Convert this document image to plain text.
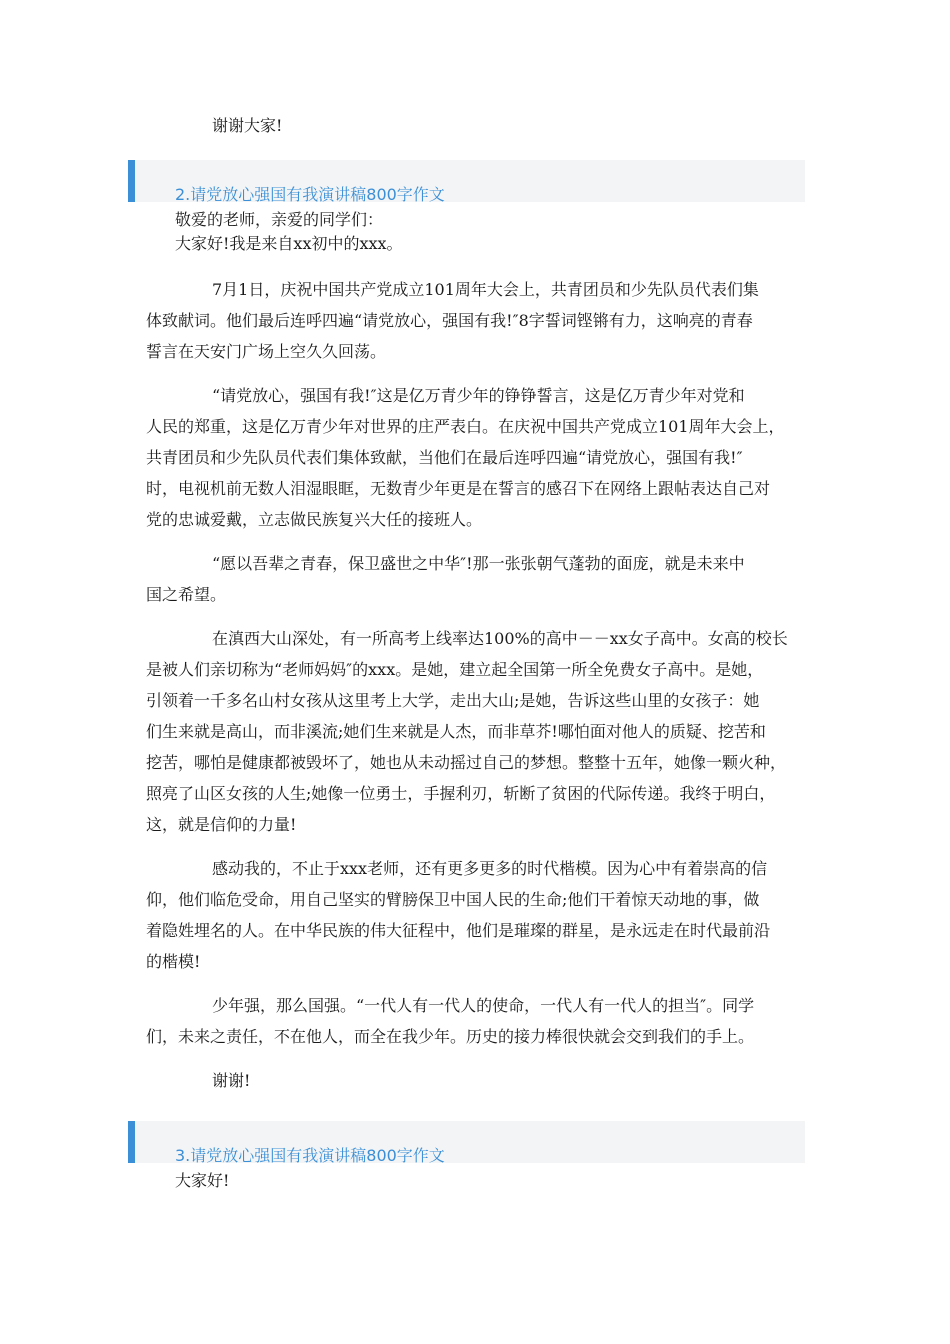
谢谢大家!
2.请党放心强国有我演讲稿800字作文
敬爱的老师，亲爱的同学们：
大家好!我是来自xx初中的xxx。
7月1日，庆祝中国共产党成立101周年大会上，共青团员和少先队员代表们集
体致献词。他们最后连呼四遍“请党放心，强国有我!″8字誓词铿锵有力，这响亮的青春
誓言在天安门广场上空久久回荡。
“请党放心，强国有我!″这是亿万青少年的铮铮誓言，这是亿万青少年对党和
人民的郑重，这是亿万青少年对世界的庄严表白。在庆祝中国共产党成立101周年大会上，
共青团员和少先队员代表们集体致献，当他们在最后连呼四遍“请党放心，强国有我!″
时，电视机前无数人泪湿眼眶，无数青少年更是在誓言的感召下在网络上跟帖表达自己对
党的忠诚爱戴，立志做民族复兴大任的接班人。
“愿以吾辈之青春，保卫盛世之中华″!那一张张朝气蓬勃的面庞，就是未来中
国之希望。
在滇西大山深处，有一所高考上线率达100%的高中－－xx女子高中。女高的校长
是被人们亲切称为“老师妈妈″的xxx。是她，建立起全国第一所全免费女子高中。是她，
引领着一千多名山村女孩从这里考上大学，走出大山;是她，告诉这些山里的女孩子：她
们生来就是高山，而非溪流;她们生来就是人杰，而非草芥!哪怕面对他人的质疑、挖苦和
挖苦，哪怕是健康都被毁坏了，她也从未动摇过自己的梦想。整整十五年，她像一颗火种，
照亮了山区女孩的人生;她像一位勇士，手握利刃，斩断了贫困的代际传递。我终于明白，
这，就是信仰的力量!
感动我的，不止于xxx老师，还有更多更多的时代楷模。因为心中有着崇高的信
仰，他们临危受命，用自己坚实的臂膀保卫中国人民的生命;他们干着惊天动地的事，做
着隐姓埋名的人。在中华民族的伟大征程中，他们是璀璨的群星，是永远走在时代最前沿
的楷模!
少年强，那么国强。“一代人有一代人的使命，一代人有一代人的担当″。同学
们，未来之责任，不在他人，而全在我少年。历史的接力棒很快就会交到我们的手上。
谢谢!
3.请党放心强国有我演讲稿800字作文
大家好!
